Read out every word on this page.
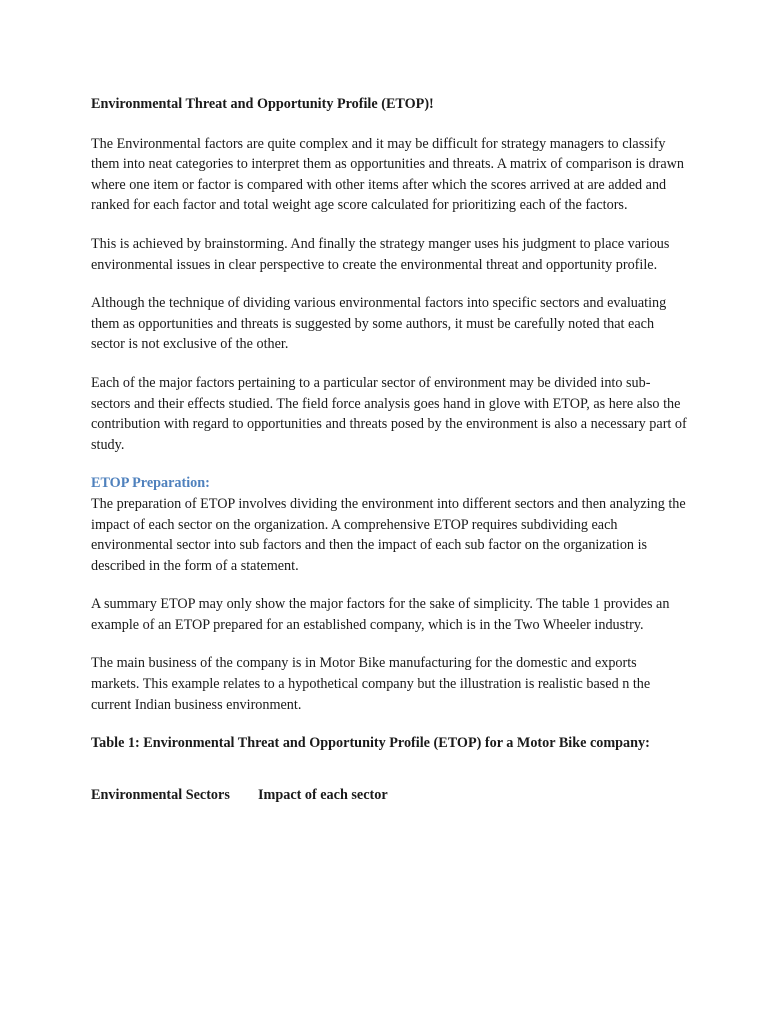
Environmental Threat and Opportunity Profile (ETOP)!

The Environmental factors are quite complex and it may be difficult for strategy managers to classify them into neat categories to interpret them as opportunities and threats. A matrix of comparison is drawn where one item or factor is compared with other items after which the scores arrived at are added and ranked for each factor and total weight age score calculated for prioritizing each of the factors.

This is achieved by brainstorming. And finally the strategy manger uses his judgment to place various environmental issues in clear perspective to create the environmental threat and opportunity profile.

Although the technique of dividing various environmental factors into specific sectors and evaluating them as opportunities and threats is suggested by some authors, it must be carefully noted that each sector is not exclusive of the other.

Each of the major factors pertaining to a particular sector of environment may be divided into sub-sectors and their effects studied. The field force analysis goes hand in glove with ETOP, as here also the contribution with regard to opportunities and threats posed by the environment is also a necessary part of study.

ETOP Preparation:
The preparation of ETOP involves dividing the environment into different sectors and then analyzing the impact of each sector on the organization. A comprehensive ETOP requires subdividing each environmental sector into sub factors and then the impact of each sub factor on the organization is described in the form of a statement.

A summary ETOP may only show the major factors for the sake of simplicity. The table 1 provides an example of an ETOP prepared for an established company, which is in the Two Wheeler industry.

The main business of the company is in Motor Bike manufacturing for the domestic and exports markets. This example relates to a hypothetical company but the illustration is realistic based n the current Indian business environment.

Table 1: Environmental Threat and Opportunity Profile (ETOP) for a Motor Bike company:
Environmental Sectors	Impact of each sector
